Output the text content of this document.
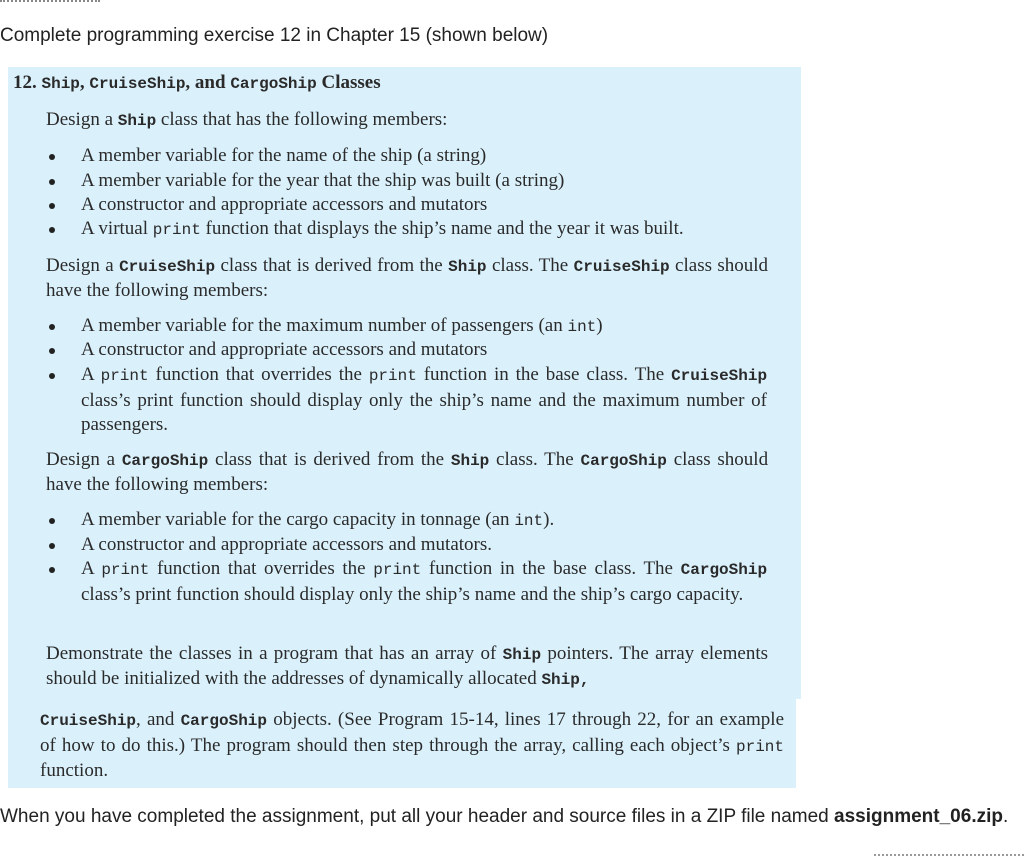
Complete programming exercise 12 in Chapter 15 (shown below)
12. Ship, CruiseShip, and CargoShip Classes
Design a Ship class that has the following members:
A member variable for the name of the ship (a string)
A member variable for the year that the ship was built (a string)
A constructor and appropriate accessors and mutators
A virtual print function that displays the ship’s name and the year it was built.
Design a CruiseShip class that is derived from the Ship class. The CruiseShip class should have the following members:
A member variable for the maximum number of passengers (an int)
A constructor and appropriate accessors and mutators
A print function that overrides the print function in the base class. The CruiseShip class’s print function should display only the ship’s name and the maximum number of passengers.
Design a CargoShip class that is derived from the Ship class. The CargoShip class should have the following members:
A member variable for the cargo capacity in tonnage (an int).
A constructor and appropriate accessors and mutators.
A print function that overrides the print function in the base class. The CargoShip class’s print function should display only the ship’s name and the ship’s cargo capacity.
Demonstrate the classes in a program that has an array of Ship pointers. The array elements should be initialized with the addresses of dynamically allocated Ship,
CruiseShip, and CargoShip objects. (See Program 15-14, lines 17 through 22, for an example of how to do this.) The program should then step through the array, calling each object’s print function.
When you have completed the assignment, put all your header and source files in a ZIP file named assignment_06.zip.
